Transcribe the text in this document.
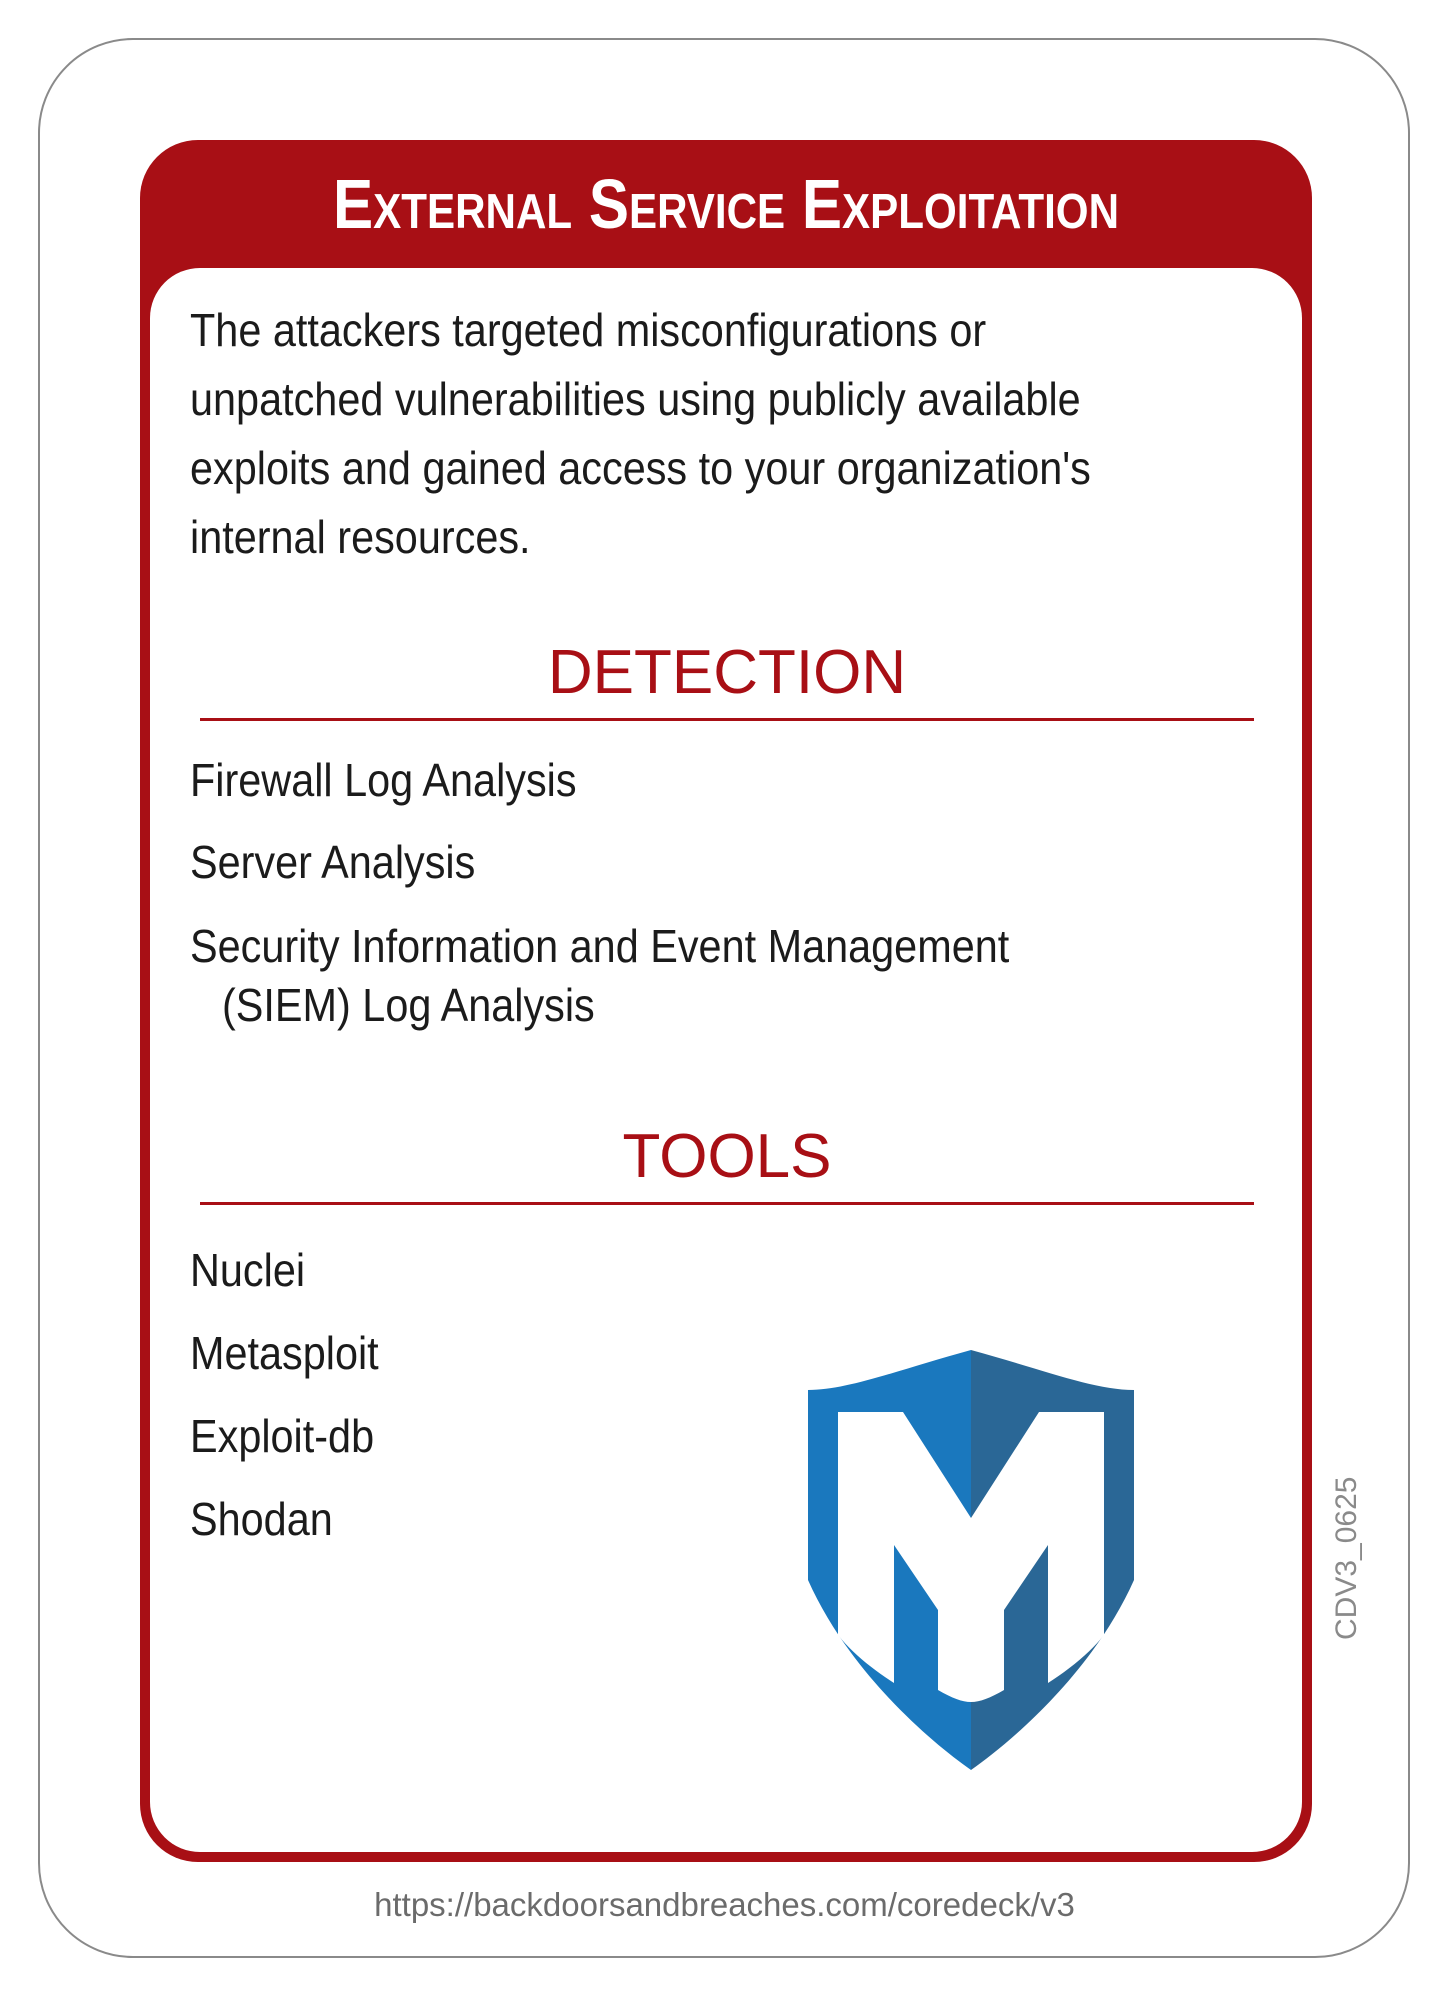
External Service Exploitation

The attackers targeted misconfigurations or unpatched vulnerabilities using publicly available exploits and gained access to your organization's internal resources.

DETECTION
Firewall Log Analysis
Server Analysis
Security Information and Event Management
(SIEM) Log Analysis
TOOLS
Nuclei
Metasploit
Exploit-db
Shodan	CDV3_0625
https://backdoorsandbreaches.com/coredeck/v3
